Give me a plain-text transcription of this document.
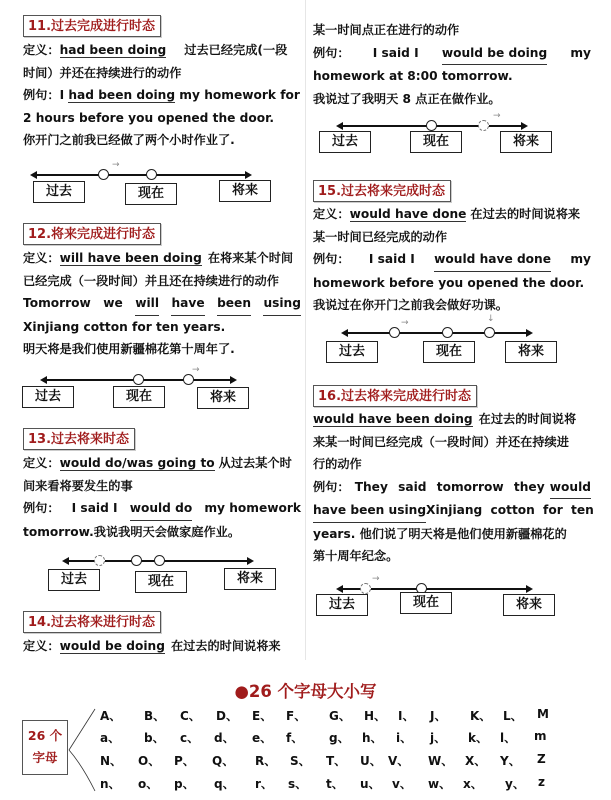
11.过去完成进行时态
定义：had been doing 过去已经完成(一段
时间）并还在持续进行的动作
例句：I had been doing my homework for
2 hours before you opened the door.
你开门之前我已经做了两个小时作业了.
→
过去	现在	将来
12.将来完成进行时态
定义：will have been doing 在将来某个时间
已经完成（一段时间）并且还在持续进行的动作
Tomorrow we will have been using
Xinjiang cotton for ten years.
明天将是我们使用新疆棉花第十周年了.
→
过去	现在	将来
13.过去将来时态
定义：would do/was going to 从过去某个时
间来看将要发生的事
例句： I said I would do my homework
tomorrow.我说我明天会做家庭作业。
过去	现在	将来
14.过去将来进行时态
定义：would be doing 在过去的时间说将来
某一时间点正在进行的动作
例句： I said I would be doing my
homework at 8:00 tomorrow.
我说过了我明天 8 点正在做作业。
→
过去	现在	将来
15.过去将来完成时态
定义：would have done 在过去的时间说将来
某一时间已经完成的动作
例句： I said I would have done my
homework before you opened the door.
我说过在你开门之前我会做好功课。
→	↓
过去	现在	将来
16.过去将来完成进行时态
would have been doing 在过去的时间说将
来某一时间已经完成（一段时间）并还在持续进
行的动作
例句： They said tomorrow they would
have been using Xinjiang cotton for ten
years. 他们说了明天将是他们使用新疆棉花的
第十周年纪念。
→
过去	现在	将来
●26 个字母大小写
26 个
字母
A、 B、 C、 D、 E、 F、 G、 H、 I、 J、 K、 L、 M
a、 b、 c、 d、 e、 f、 g、 h、 i、 j、 k、 l、 m
N、 O、 P、 Q、 R、 S、 T、 U、 V、 W、 X、 Y、 Z
n、 o、 p、 q、 r、 s、 t、 u、 v、 w、 x、 y、 z
